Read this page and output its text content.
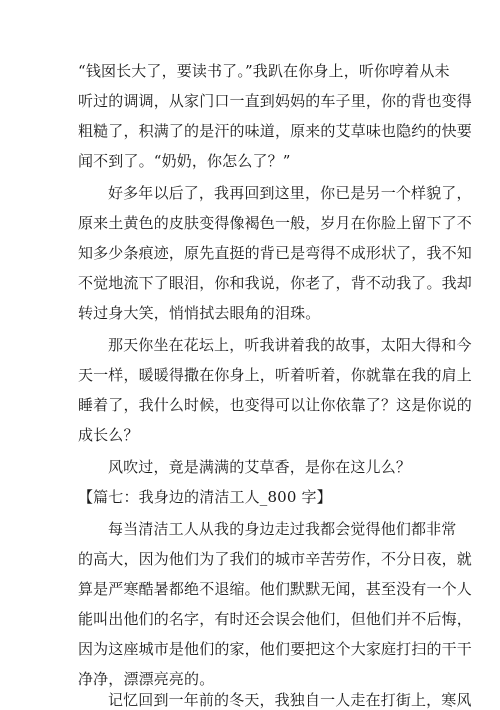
“钱囡长大了，要读书了。”我趴在你身上，听你哼着从未
听过的调调，从家门口一直到妈妈的车子里，你的背也变得
粗糙了，积满了的是汗的味道，原来的艾草味也隐约的快要
闻不到了。“奶奶，你怎么了？”
好多年以后了，我再回到这里，你已是另一个样貌了，
原来土黄色的皮肤变得像褐色一般，岁月在你脸上留下了不
知多少条痕迹，原先直挺的背已是弯得不成形状了，我不知
不觉地流下了眼泪，你和我说，你老了，背不动我了。我却
转过身大笑，悄悄拭去眼角的泪珠。
那天你坐在花坛上，听我讲着我的故事，太阳大得和今
天一样，暖暖得撒在你身上，听着听着，你就靠在我的肩上
睡着了，我什么时候，也变得可以让你依靠了？这是你说的
成长么？
风吹过，竟是满满的艾草香，是你在这儿么？
【篇七：我身边的清洁工人_800 字】
每当清洁工人从我的身边走过我都会觉得他们都非常
的高大，因为他们为了我们的城市辛苦劳作，不分日夜，就
算是严寒酷暑都绝不退缩。他们默默无闻，甚至没有一个人
能叫出他们的名字，有时还会误会他们，但他们并不后悔，
因为这座城市是他们的家，他们要把这个大家庭打扫的干干
净净，漂漂亮亮的。
记忆回到一年前的冬天，我独自一人走在打街上，寒风
